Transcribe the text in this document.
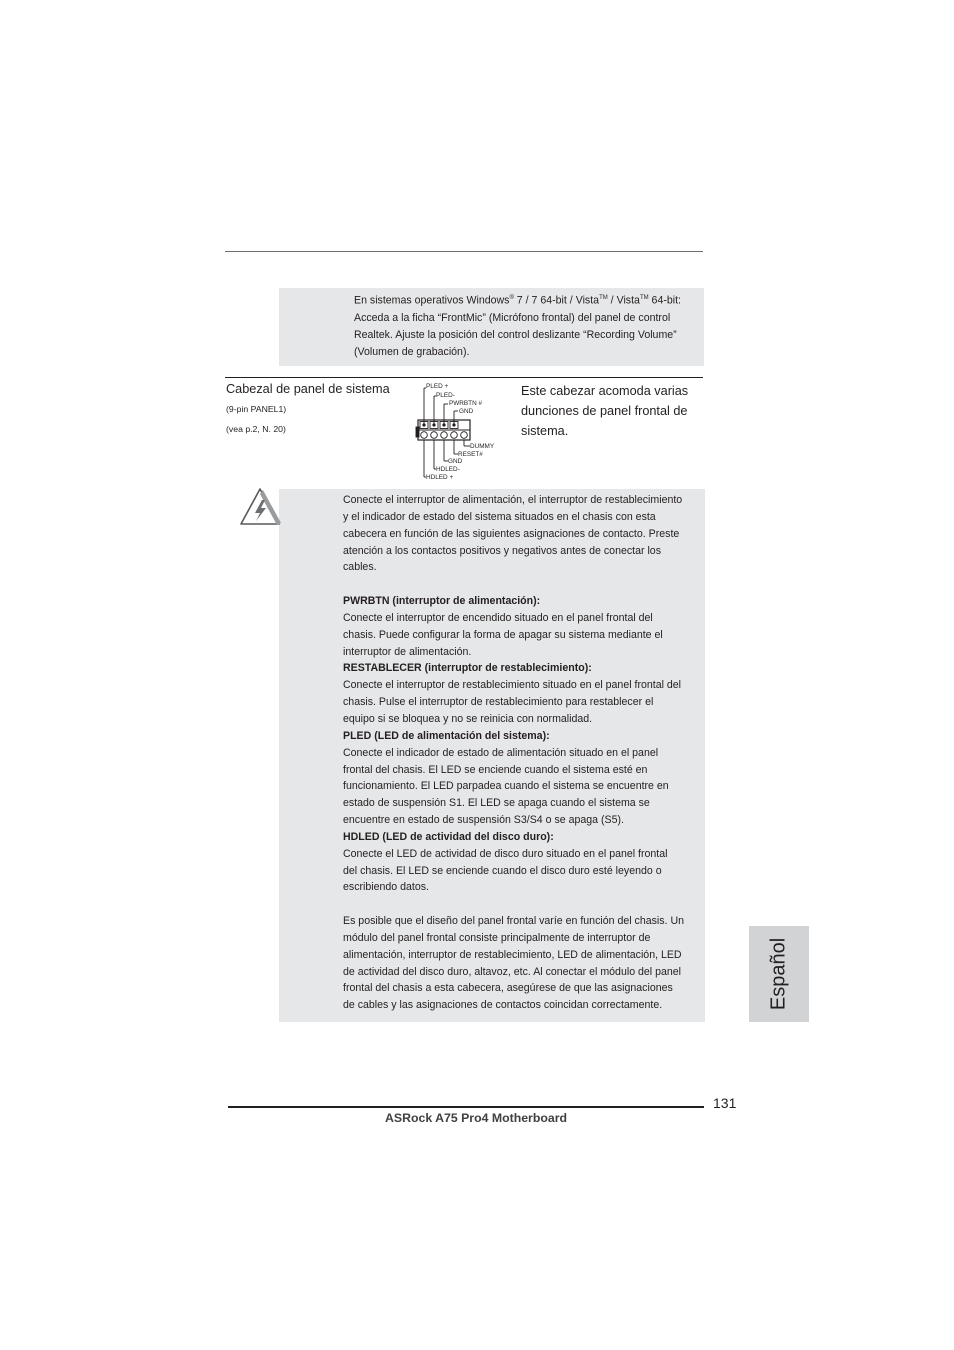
En sistemas operativos Windows® 7 / 7 64-bit / Vista™ / Vista™ 64-bit:
Acceda a la ficha “FrontMic” (Micrófono frontal) del panel de control
Realtek. Ajuste la posición del control deslizante “Recording Volume”
(Volumen de grabación).
Cabezal de panel de sistema
(9-pin PANEL1)
(vea p.2, N. 20)
Este cabezar acomoda varias dunciones de panel frontal de sistema.
PLED +
PLED-
PWRBTN #
GND
DUMMY
RESET#
GND
HDLED-
HDLED +

Conecte el interruptor de alimentación, el interruptor de restablecimiento

y el indicador de estado del sistema situados en el chasis con esta

cabecera en función de las siguientes asignaciones de contacto. Preste

atención a los contactos positivos y negativos antes de conectar los

cables.

PWRBTN (interruptor de alimentación):

Conecte el interruptor de encendido situado en el panel frontal del

chasis. Puede configurar la forma de apagar su sistema mediante el

interruptor de alimentación.

RESTABLECER (interruptor de restablecimiento):

Conecte el interruptor de restablecimiento situado en el panel frontal del

chasis. Pulse el interruptor de restablecimiento para restablecer el

equipo si se bloquea y no se reinicia con normalidad.

PLED (LED de alimentación del sistema):

Conecte el indicador de estado de alimentación situado en el panel

frontal del chasis. El LED se enciende cuando el sistema esté en

funcionamiento. El LED parpadea cuando el sistema se encuentre en

estado de suspensión S1. El LED se apaga cuando el sistema se

encuentre en estado de suspensión S3/S4 o se apaga (S5).

HDLED (LED de actividad del disco duro):

Conecte el LED de actividad de disco duro situado en el panel frontal

del chasis. El LED se enciende cuando el disco duro esté leyendo o

escribiendo datos.

Es posible que el diseño del panel frontal varíe en función del chasis. Un

módulo del panel frontal consiste principalmente de interruptor de

alimentación, interruptor de restablecimiento, LED de alimentación, LED

de actividad del disco duro, altavoz, etc. Al conectar el módulo del panel

frontal del chasis a esta cabecera, asegúrese de que las asignaciones

de cables y las asignaciones de contactos coincidan correctamente.	Español
131
ASRock A75 Pro4 Motherboard
